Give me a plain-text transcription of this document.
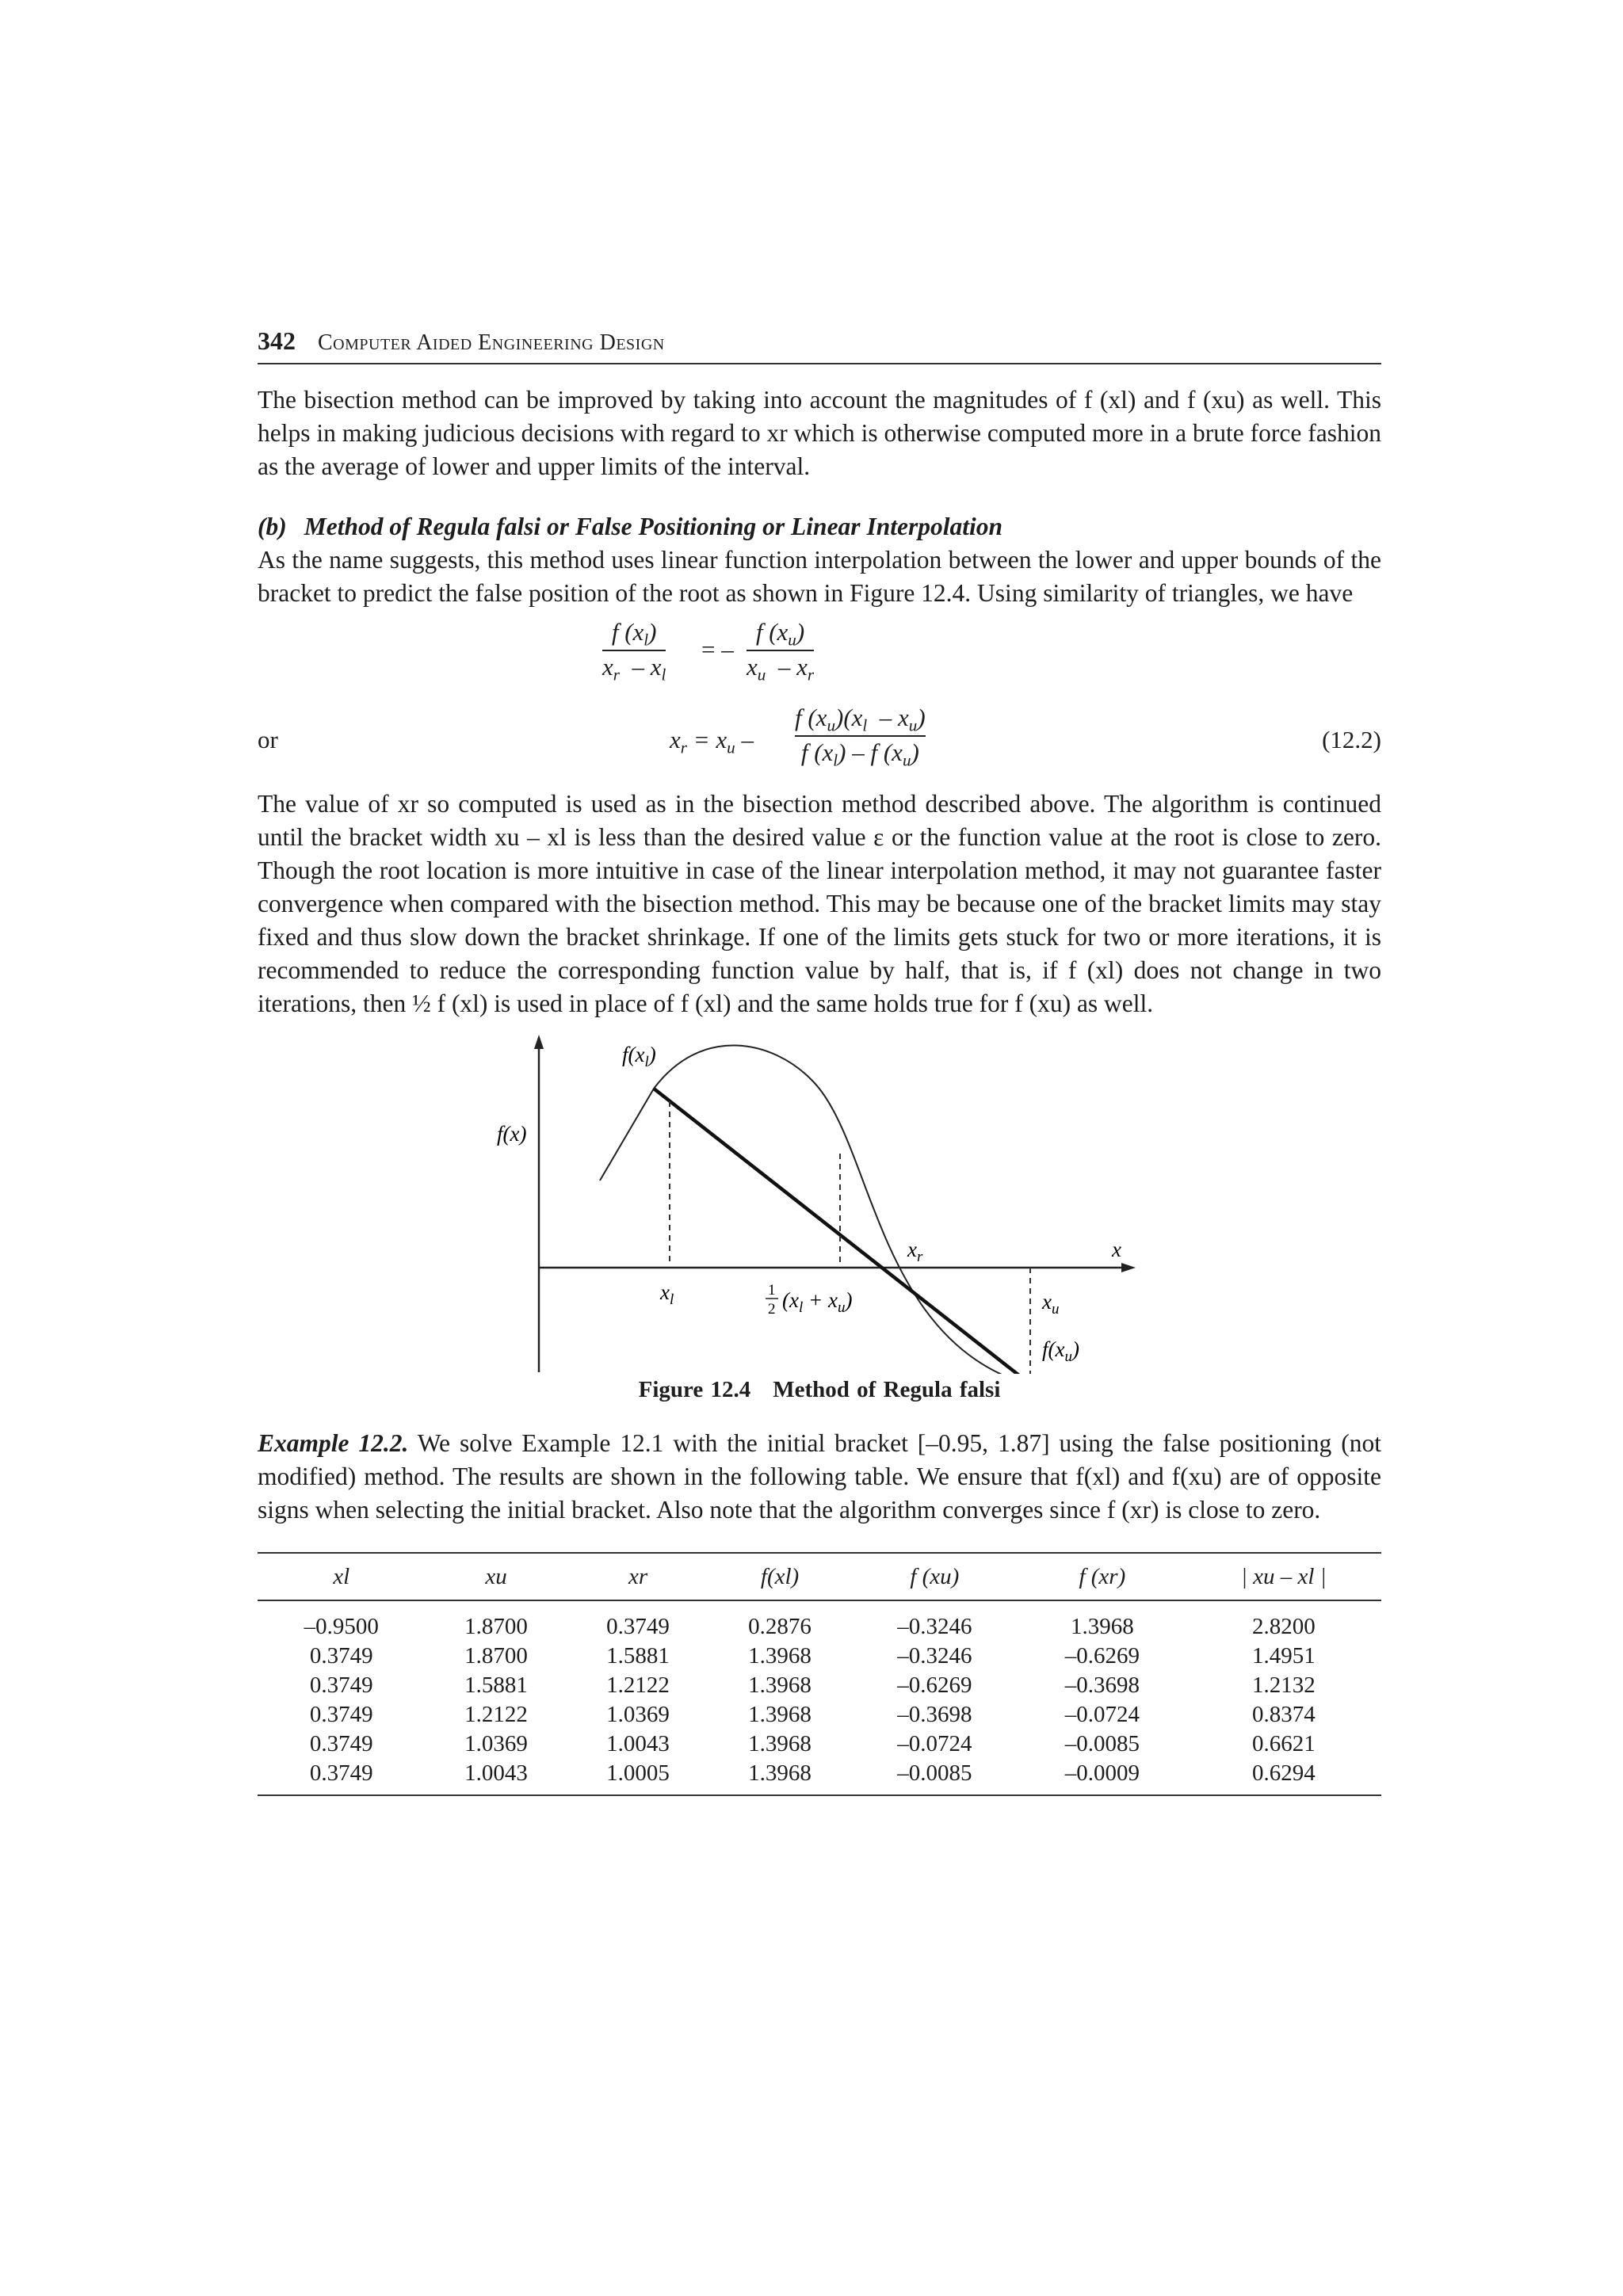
342 Computer Aided Engineering Design

The bisection method can be improved by taking into account the magnitudes of f (xl) and f (xu) as well. This helps in making judicious decisions with regard to xr which is otherwise computed more in a brute force fashion as the average of lower and upper limits of the interval.

(b) Method of Regula falsi or False Positioning or Linear Interpolation

As the name suggests, this method uses linear function interpolation between the lower and upper bounds of the bracket to predict the false position of the root as shown in Figure 12.4. Using similarity of triangles, we have

$\frac{f (x_l)}{x_r - x_l}$ = – $\frac{f (x_u)}{x_u - x_r}$
or	$x_r = x_u - \frac{f (x_u)(x_l - x_u)}{f (x_l) - f (x_u)}$	(12.2)

The value of xr so computed is used as in the bisection method described above. The algorithm is continued until the bracket width xu – xl is less than the desired value ε or the function value at the root is close to zero. Though the root location is more intuitive in case of the linear interpolation method, it may not guarantee faster convergence when compared with the bisection method. This may be because one of the bracket limits may stay fixed and thus slow down the bracket shrinkage. If one of the limits gets stuck for two or more iterations, it is recommended to reduce the corresponding function value by half, that is, if f (xl) does not change in two iterations, then ½ f (xl) is used in place of f (xl) and the same holds true for f (xu) as well.

$f(x_l)$
f(x)
$x_r$	x
$x_l$
1
2 $(x_l + x_u)$	$x_u$
$f(x_u)$
Figure 12.4 Method of Regula falsi

Example 12.2. We solve Example 12.1 with the initial bracket [–0.95, 1.87] using the false positioning (not modified) method. The results are shown in the following table. We ensure that f(xl) and f(xu) are of opposite signs when selecting the initial bracket. Also note that the algorithm converges since f (xr) is close to zero.

xl	xu	xr	f(xl)	f (xu)	f (xr)	| xu – xl |
–0.9500	1.8700	0.3749	0.2876	–0.3246	1.3968	2.8200
0.3749	1.8700	1.5881	1.3968	–0.3246	–0.6269	1.4951
0.3749	1.5881	1.2122	1.3968	–0.6269	–0.3698	1.2132
0.3749	1.2122	1.0369	1.3968	–0.3698	–0.0724	0.8374
0.3749	1.0369	1.0043	1.3968	–0.0724	–0.0085	0.6621
0.3749	1.0043	1.0005	1.3968	–0.0085	–0.0009	0.6294
